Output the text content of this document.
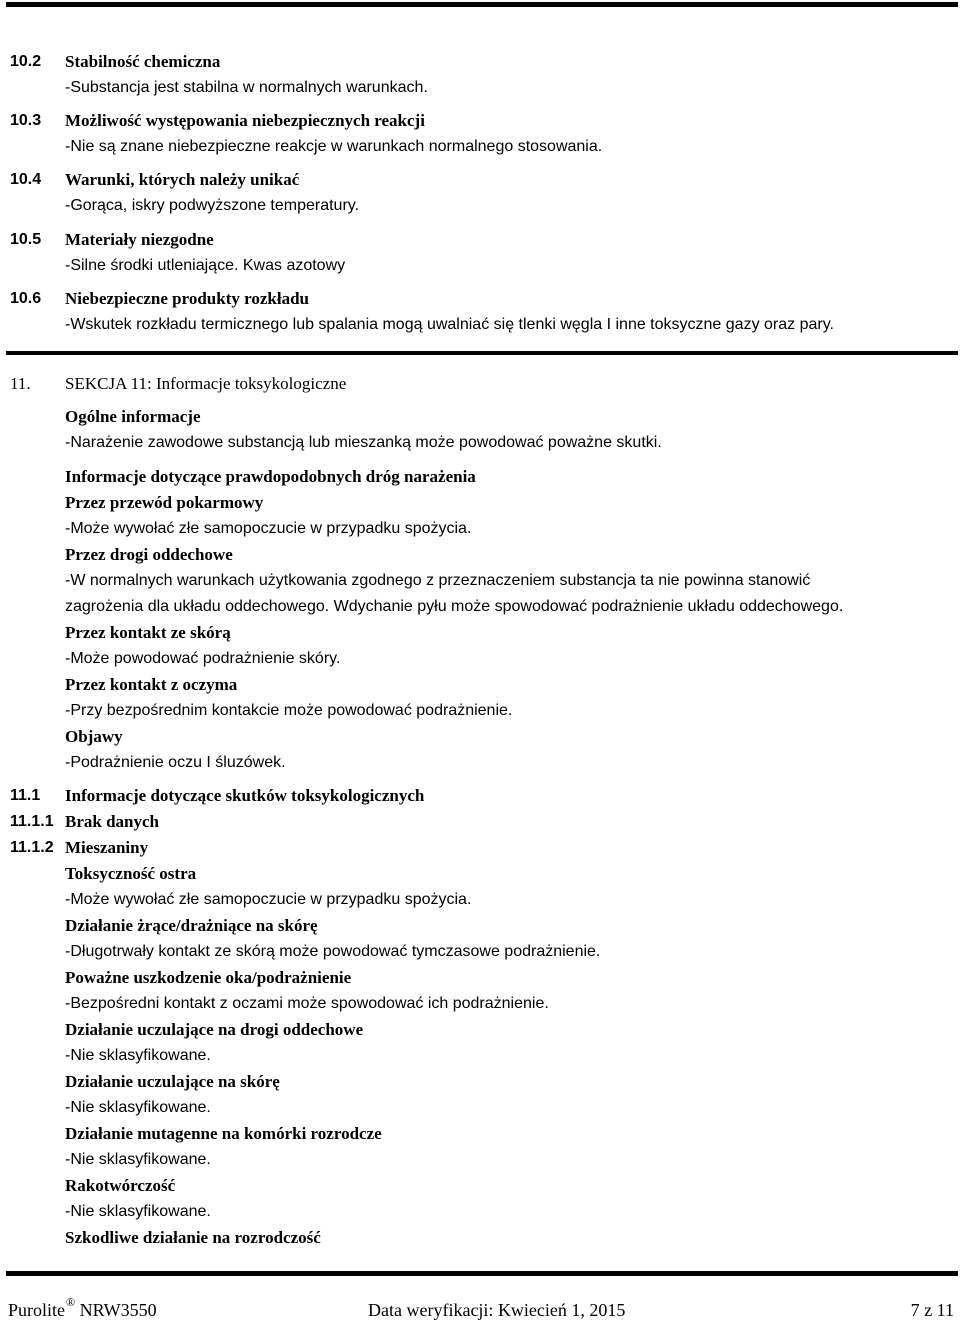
10.2 Stabilność chemiczna
-Substancja jest stabilna w normalnych warunkach.
10.3 Możliwość występowania niebezpiecznych reakcji
-Nie są znane niebezpieczne reakcje w warunkach normalnego stosowania.
10.4 Warunki, których należy unikać
-Gorąca, iskry podwyższone temperatury.
10.5 Materiały niezgodne
-Silne środki utleniające. Kwas azotowy
10.6 Niebezpieczne produkty rozkładu
-Wskutek rozkładu termicznego lub spalania mogą uwalniać się tlenki węgla I inne toksyczne gazy oraz pary.
11. SEKCJA 11: Informacje toksykologiczne
Ogólne informacje
-Narażenie zawodowe substancją lub mieszanką może powodować poważne skutki.
Informacje dotyczące prawdopodobnych dróg narażenia
Przez przewód pokarmowy
-Może wywołać złe samopoczucie w przypadku spożycia.
Przez drogi oddechowe
-W normalnych warunkach użytkowania zgodnego z przeznaczeniem substancja ta nie powinna stanowić
zagrożenia dla układu oddechowego. Wdychanie pyłu może spowodować podrażnienie układu oddechowego.
Przez kontakt ze skórą
-Może powodować podrażnienie skóry.
Przez kontakt z oczyma
-Przy bezpośrednim kontakcie może powodować podrażnienie.
Objawy
-Podrażnienie oczu I śluzówek.
11.1 Informacje dotyczące skutków toksykologicznych
11.1.1 Brak danych
11.1.2 Mieszaniny
Toksyczność ostra
-Może wywołać złe samopoczucie w przypadku spożycia.
Działanie żrące/drażniące na skórę
-Długotrwały kontakt ze skórą może powodować tymczasowe podrażnienie.
Poważne uszkodzenie oka/podrażnienie
-Bezpośredni kontakt z oczami może spowodować ich podrażnienie.
Działanie uczulające na drogi oddechowe
-Nie sklasyfikowane.
Działanie uczulające na skórę
-Nie sklasyfikowane.
Działanie mutagenne na komórki rozrodcze
-Nie sklasyfikowane.
Rakotwórczość
-Nie sklasyfikowane.
Szkodliwe działanie na rozrodczość
Purolite® NRW3550	Data weryfikacji: Kwiecień 1, 2015	7 z 11
